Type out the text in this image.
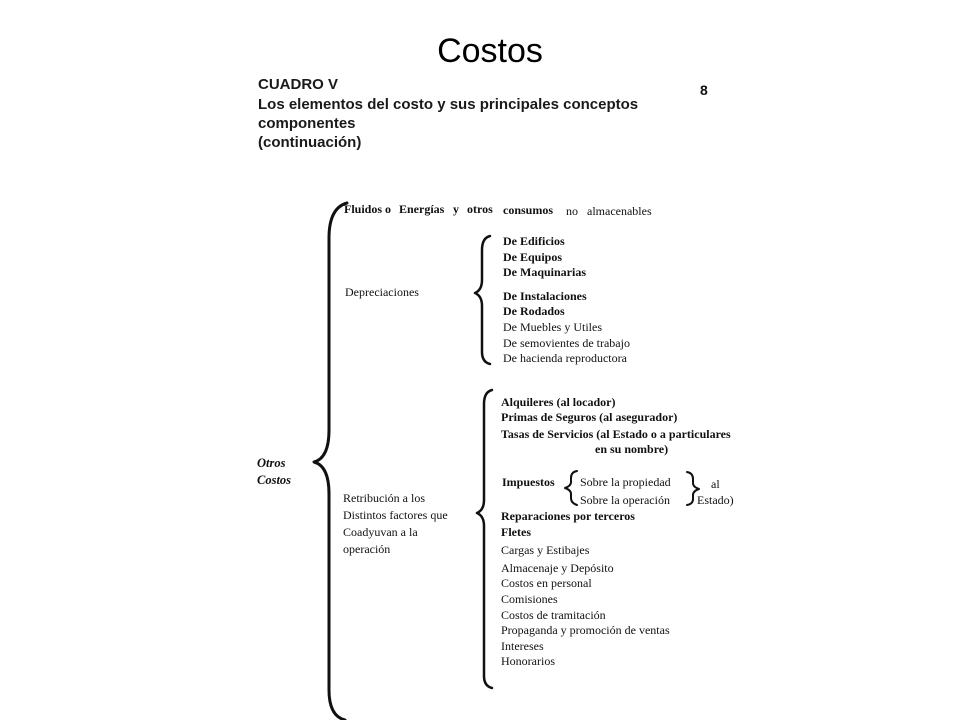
Costos
CUADRO V
Los elementos del costo y sus principales conceptos
componentes
(continuación)
8
Otros
Costos
Fluidos o Energías y otros consumos no almacenables
Depreciaciones
De Edificios
De Equipos
De Maquinarias
De Instalaciones
De Rodados
De Muebles y Utiles
De semovientes de trabajo
De hacienda reproductora
Retribución a los
Distintos factores que
Coadyuvan a la
operación
Alquileres (al locador)
Primas de Seguros (al asegurador)
Tasas de Servicios (al Estado o a particulares
en su nombre)
Impuestos Sobre la propiedad
Sobre la operación
al
Estado)
Reparaciones por terceros
Fletes
Cargas y Estibajes
Almacenaje y Depósito
Costos en personal
Comisiones
Costos de tramitación
Propaganda y promoción de ventas
Intereses
Honorarios
